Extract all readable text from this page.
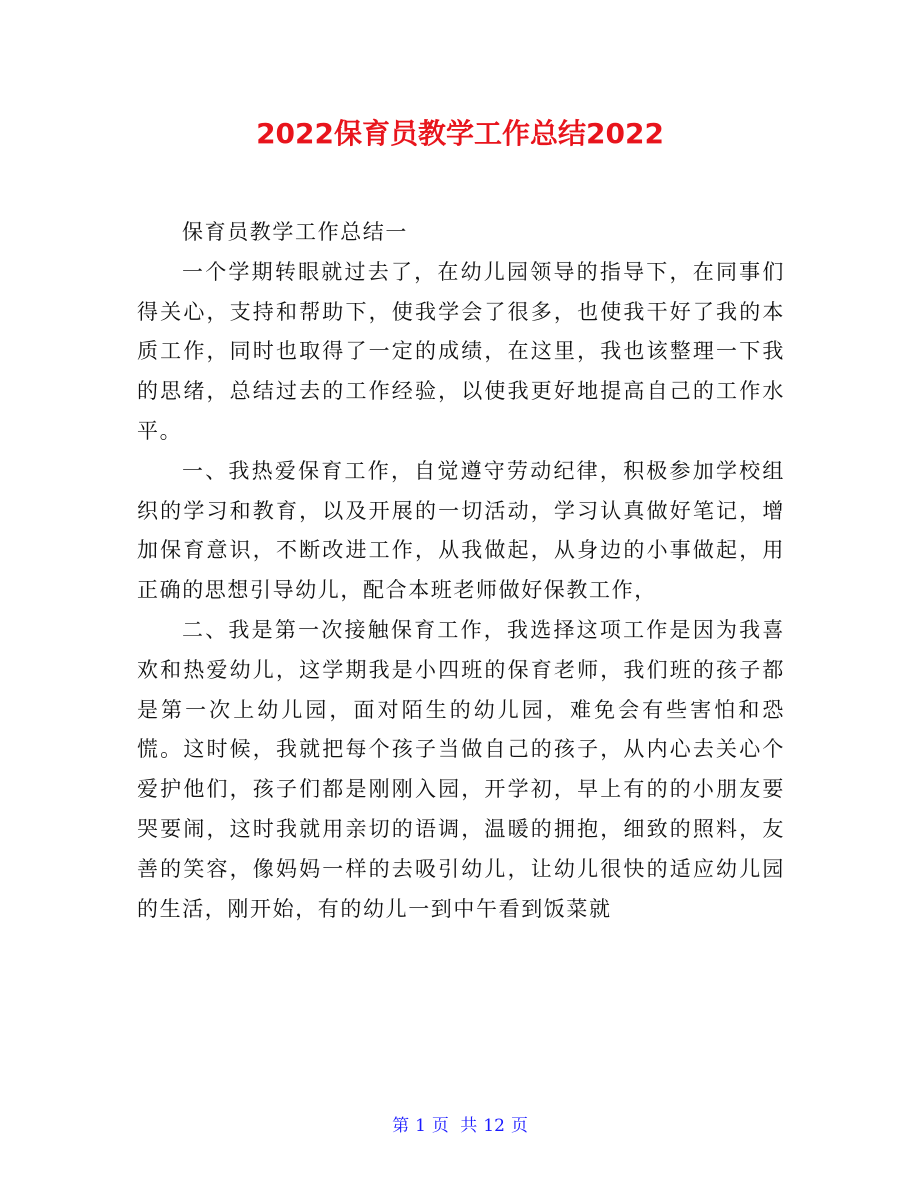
2022保育员教学工作总结2022

保育员教学工作总结一

一个学期转眼就过去了，在幼儿园领导的指导下，在同事们得关心，支持和帮助下，使我学会了很多，也使我干好了我的本质工作，同时也取得了一定的成绩，在这里，我也该整理一下我的思绪，总结过去的工作经验，以使我更好地提高自己的工作水平。

一、我热爱保育工作，自觉遵守劳动纪律，积极参加学校组织的学习和教育，以及开展的一切活动，学习认真做好笔记，增加保育意识，不断改进工作，从我做起，从身边的小事做起，用正确的思想引导幼儿，配合本班老师做好保教工作，

二、我是第一次接触保育工作，我选择这项工作是因为我喜欢和热爱幼儿，这学期我是小四班的保育老师，我们班的孩子都是第一次上幼儿园，面对陌生的幼儿园，难免会有些害怕和恐慌。这时候，我就把每个孩子当做自己的孩子，从内心去关心个爱护他们，孩子们都是刚刚入园，开学初，早上有的的小朋友要哭要闹，这时我就用亲切的语调，温暖的拥抱，细致的照料，友善的笑容，像妈妈一样的去吸引幼儿，让幼儿很快的适应幼儿园的生活，刚开始，有的幼儿一到中午看到饭菜就

第 1 页 共 12 页
